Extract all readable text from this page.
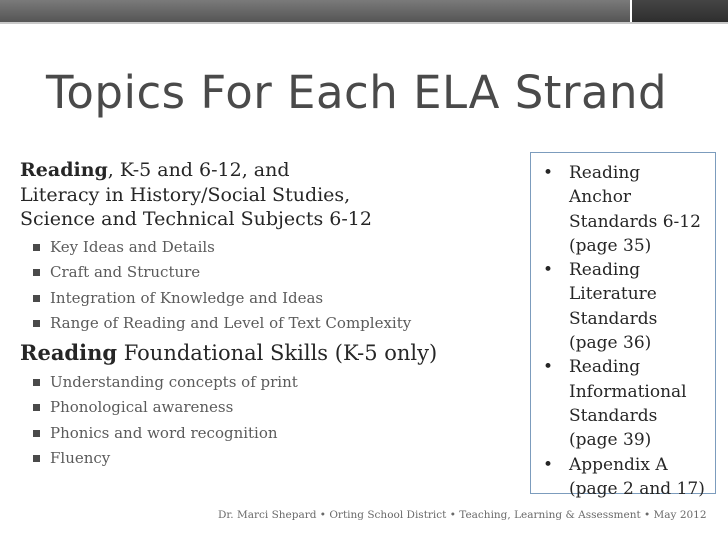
Topics For Each ELA Strand
Reading, K-5 and 6-12, and
Literacy in History/Social Studies,
Science and Technical Subjects 6-12
Key Ideas and Details
Craft and Structure
Integration of Knowledge and Ideas
Range of Reading and Level of Text Complexity
Reading Foundational Skills (K-5 only)
Understanding concepts of print
Phonological awareness
Phonics and word recognition
Fluency
• Reading
Anchor
Standards 6-12
(page 35)
• Reading
Literature
Standards
(page 36)
• Reading
Informational
Standards
(page 39)
• Appendix A
(page 2 and 17)
Dr. Marci Shepard • Orting School District • Teaching, Learning & Assessment • May 2012
